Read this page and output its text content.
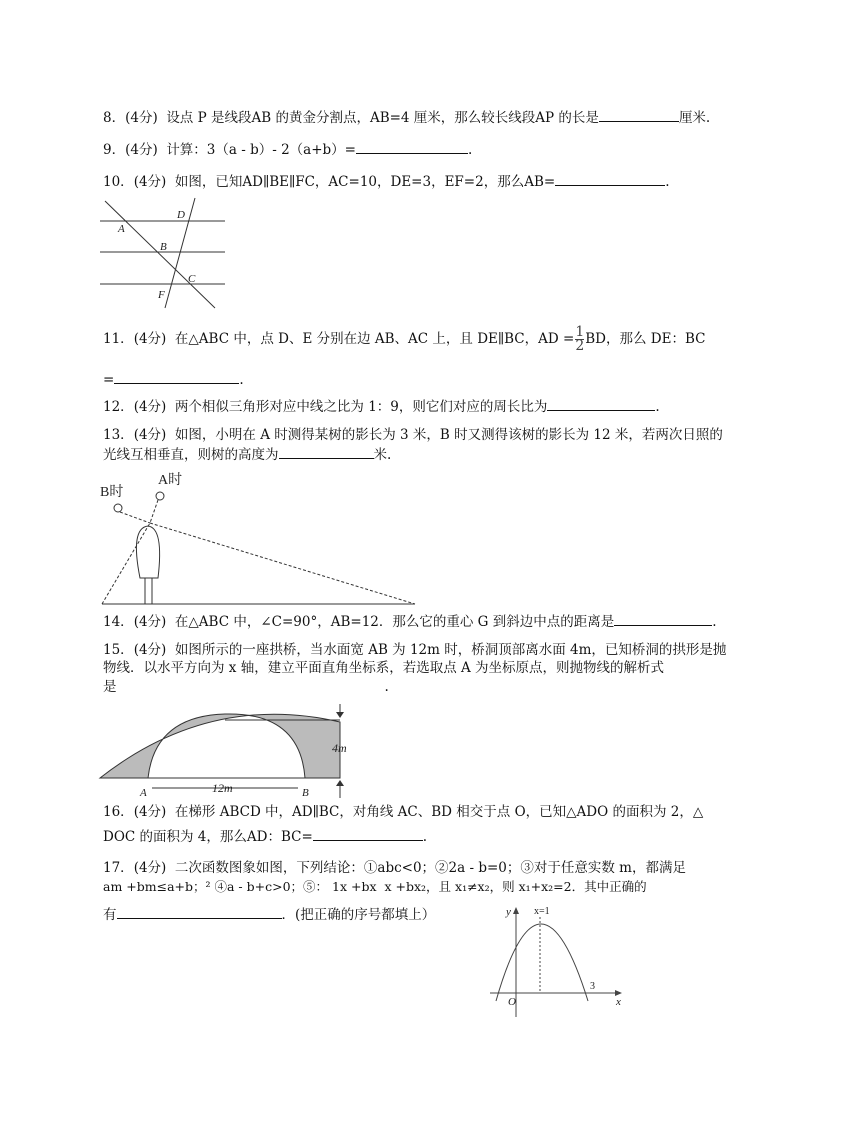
8．(4分) 设点 P 是线段AB 的黄金分割点，AB=4 厘米，那么较长线段AP 的长是	厘米.
9．(4分) 计算：3（a - b）- 2（a+b）=	.
10．(4分) 如图，已知AD∥BE∥FC，AC=10，DE=3，EF=2，那么AB=	.
A
B
C
D
F
11．(4分) 在△ABC 中，点 D、E 分别在边 AB、AC 上，且 DE∥BC，AD = $\frac{1}{2}$ BD，那么 DE：BC
=	.
12．(4分) 两个相似三角形对应中线之比为 1：9，则它们对应的周长比为	.
13．(4分) 如图，小明在 A 时测得某树的影长为 3 米，B 时又测得该树的影长为 12 米，若两次日照的
光线互相垂直，则树的高度为	米.
B时
A时
14．(4分) 在△ABC 中，∠C=90°，AB=12．那么它的重心 G 到斜边中点的距离是	.
15．(4分) 如图所示的一座拱桥，当水面宽 AB 为 12m 时，桥洞顶部离水面 4m，已知桥洞的拱形是抛
物线．以水平方向为 x 轴，建立平面直角坐标系，若选取点 A 为坐标原点，则抛物线的解析式
是	.
A	B
12m
4m
16．(4分) 在梯形 ABCD 中，AD∥BC，对角线 AC、BD 相交于点 O，已知△ADO 的面积为 2，△
DOC 的面积为 4，那么AD：BC=	.
17．(4分) 二次函数图象如图，下列结论：①abc<0；②2a - b=0；③对于任意实数 m，都满足
am +bm≤a+b；² ④a - b+c>0；⑤： 1x +bx x +bx₂，且 x₁≠x₂，则 x₁+x₂=2．其中正确的
有	．(把正确的序号都填上）	y x=1
O
3
x
